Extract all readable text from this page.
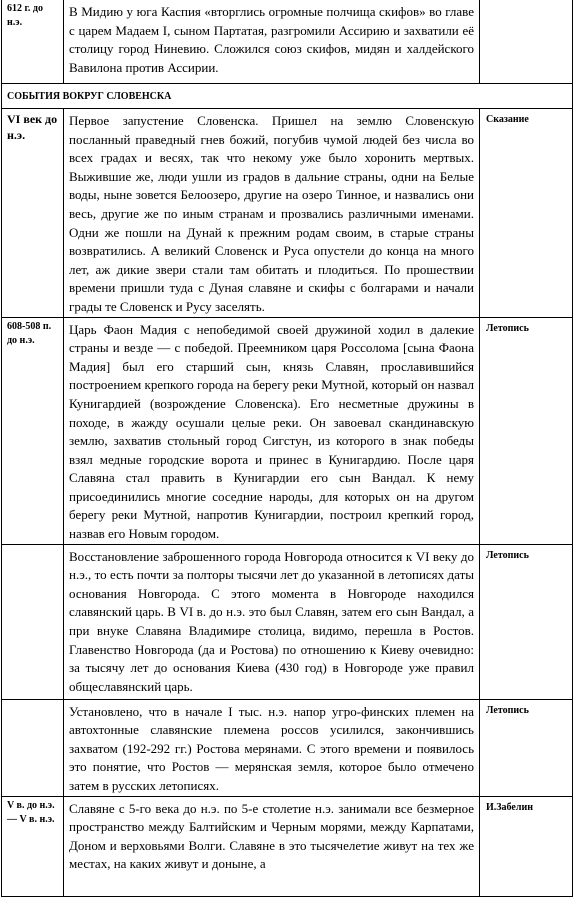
612 г. до н.э.	В Мидию у юга Каспия «вторглись огромные полчища скифов» во главе с царем Мадаем I, сыном Партатая, разгромили Ассирию и захватили её столицу город Ниневию. Сложился союз скифов, мидян и халдейского Вавилона против Ассирии.	
СОБЫТИЯ ВОКРУГ СЛОВЕНСКА		
VI век до н.э.	Первое запустение Словенска. Пришел на землю Словенскую посланный праведный гнев божий, погубив чумой людей без числа во всех градах и весях, так что некому уже было хоронить мертвых. Выжившие же, люди ушли из градов в дальние страны, одни на Белые воды, ныне зовется Белоозеро, другие на озеро Тинное, и назвались они весь, другие же по иным странам и прозвались различными именами. Одни же пошли на Дунай к прежним родам своим, в старые страны возвратились. А великий Словенск и Руса опустели до конца на много лет, аж дикие звери стали там обитать и плодиться. По прошествии времени пришли туда с Дуная славяне и скифы с болгарами и начали грады те Словенск и Русу заселять.	Сказание
608-508 п. до н.э.	Царь Фаон Мадия с непобедимой своей дружиной ходил в далекие страны и везде — с победой. Преемником царя Россолома [сына Фаона Мадия] был его старший сын, князь Славян, прославившийся построением крепкого города на берегу реки Мутной, который он назвал Кунигардией (возрождение Словенска). Его несметные дружины в походе, в жажду осушали целые реки. Он завоевал скандинавскую землю, захватив стольный город Сигстун, из которого в знак победы взял медные городские ворота и принес в Кунигардию. После царя Славяна стал править в Кунигардии его сын Вандал. К нему присоединились многие соседние народы, для которых он на другом берегу реки Мутной, напротив Кунигардии, построил крепкий город, назвав его Новым городом.	Летопись
	Восстановление заброшенного города Новгорода относится к VI веку до н.э., то есть почти за полторы тысячи лет до указанной в летописях даты основания Новгорода. С этого момента в Новгороде находился славянский царь. В VI в. до н.э. это был Славян, затем его сын Вандал, а при внуке Славяна Владимире столица, видимо, перешла в Ростов. Главенство Новгорода (да и Ростова) по отношению к Киеву очевидно: за тысячу лет до основания Киева (430 год) в Новгороде уже правил общеславянский царь.	Летопись
	Установлено, что в начале I тыс. н.э. напор угро-финских племен на автохтонные славянские племена россов усилился, закончившись захватом (192-292 гг.) Ростова мерянами. С этого времени и появилось это понятие, что Ростов — мерянская земля, которое было отмечено затем в русских летописях.	Летопись
V в. до н.э. — V в. н.э.	Славяне с 5-го века до н.э. по 5-е столетие н.э. занимали все безмерное пространство между Балтийским и Черным морями, между Карпатами, Доном и верховьями Волги. Славяне в это тысячелетие живут на тех же местах, на каких живут и доныне, а	И.Забелин
